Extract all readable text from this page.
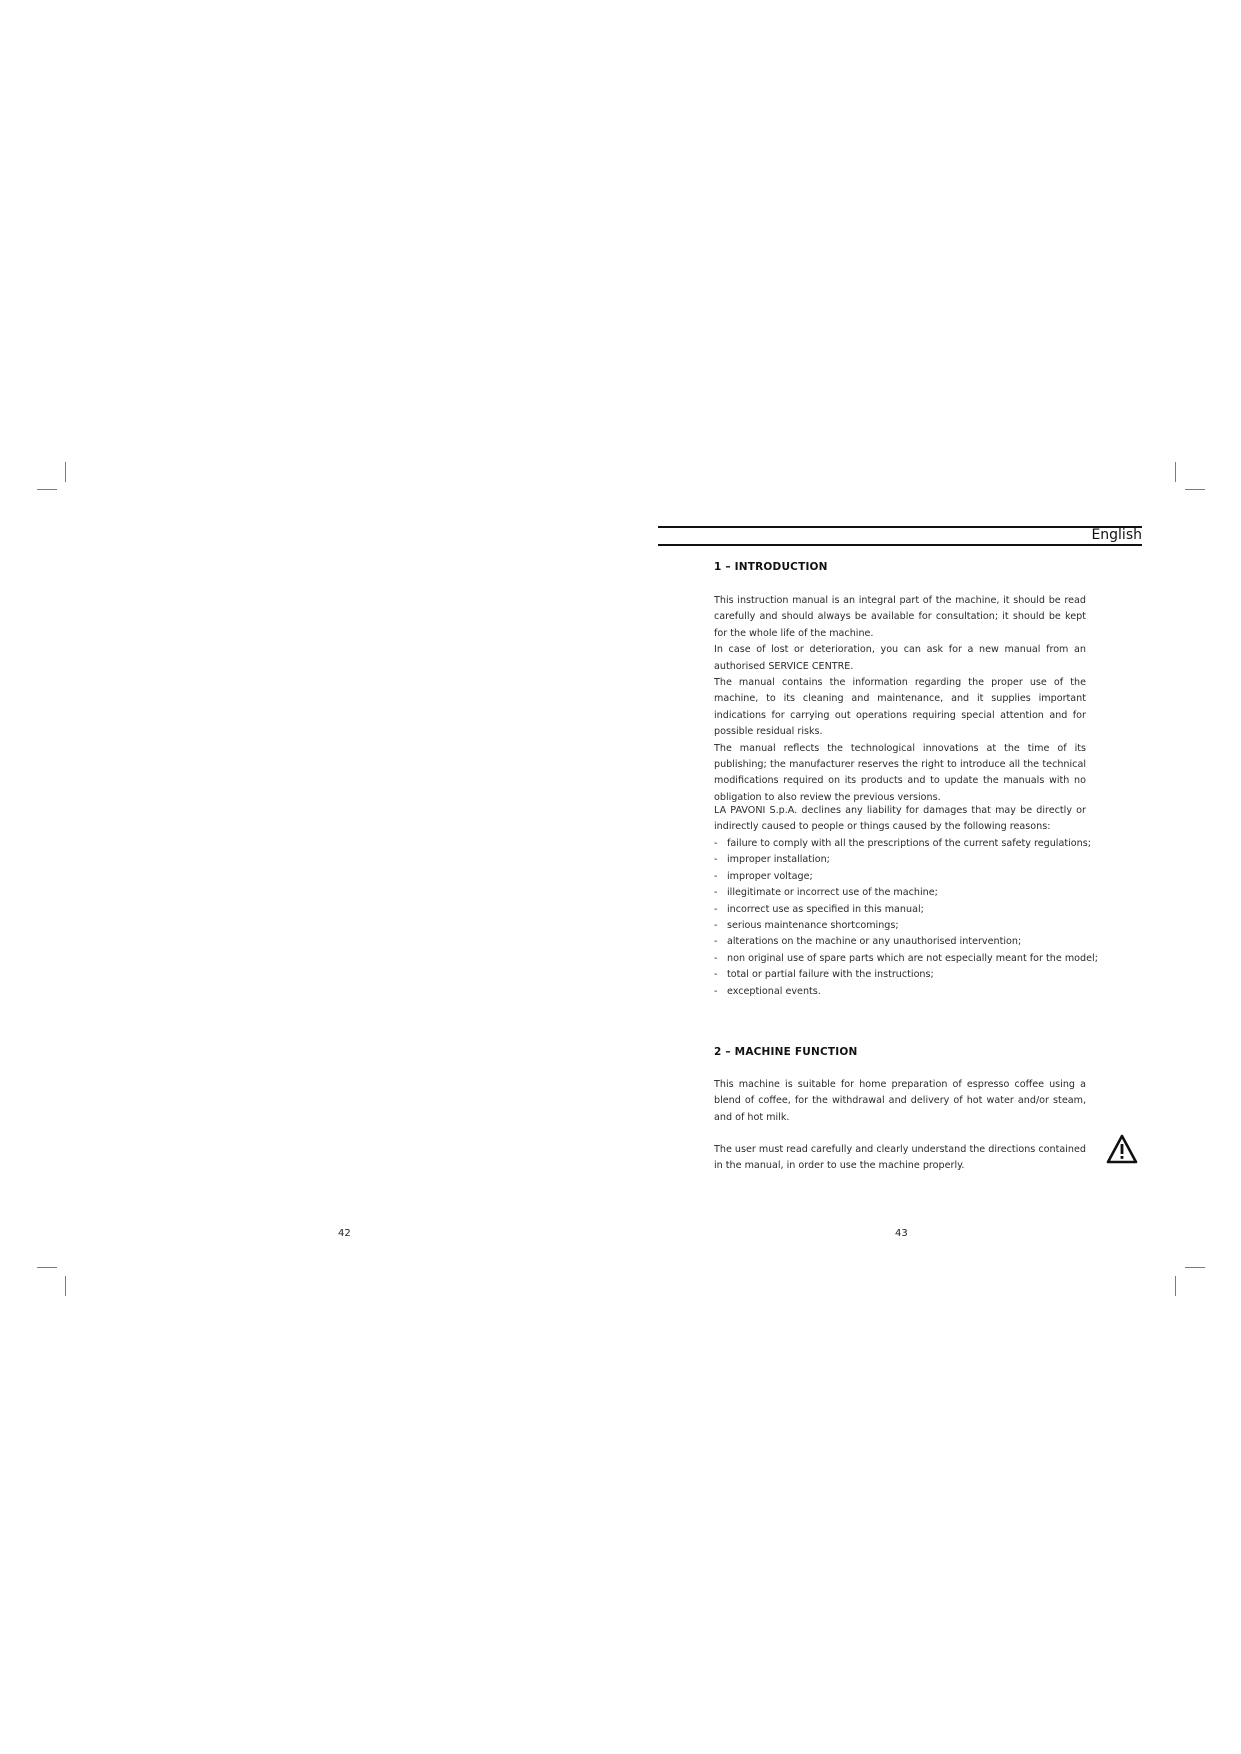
English
1 – INTRODUCTION

This instruction manual is an integral part of the machine, it should be read carefully and should always be available for consultation; it should be kept for the whole life of the machine.

In case of lost or deterioration, you can ask for a new manual from an authorised SERVICE CENTRE.

The manual contains the information regarding the proper use of the machine, to its cleaning and maintenance, and it supplies important indications for carrying out operations requiring special attention and for possible residual risks.

The manual reflects the technological innovations at the time of its publishing; the manufacturer reserves the right to introduce all the technical modifications required on its products and to update the manuals with no obligation to also review the previous versions.

LA PAVONI S.p.A. declines any liability for damages that may be directly or indirectly caused to people or things caused by the following reasons:

- failure to comply with all the prescriptions of the current safety regulations;
- improper installation;
- improper voltage;
- illegitimate or incorrect use of the machine;
- incorrect use as specified in this manual;
- serious maintenance shortcomings;
- alterations on the machine or any unauthorised intervention;
- non original use of spare parts which are not especially meant for the model;
- total or partial failure with the instructions;
- exceptional events.
2 – MACHINE FUNCTION

This machine is suitable for home preparation of espresso coffee using a blend of coffee, for the withdrawal and delivery of hot water and/or steam, and of hot milk.

The user must read carefully and clearly understand the directions contained in the manual, in order to use the machine properly.

42	43
